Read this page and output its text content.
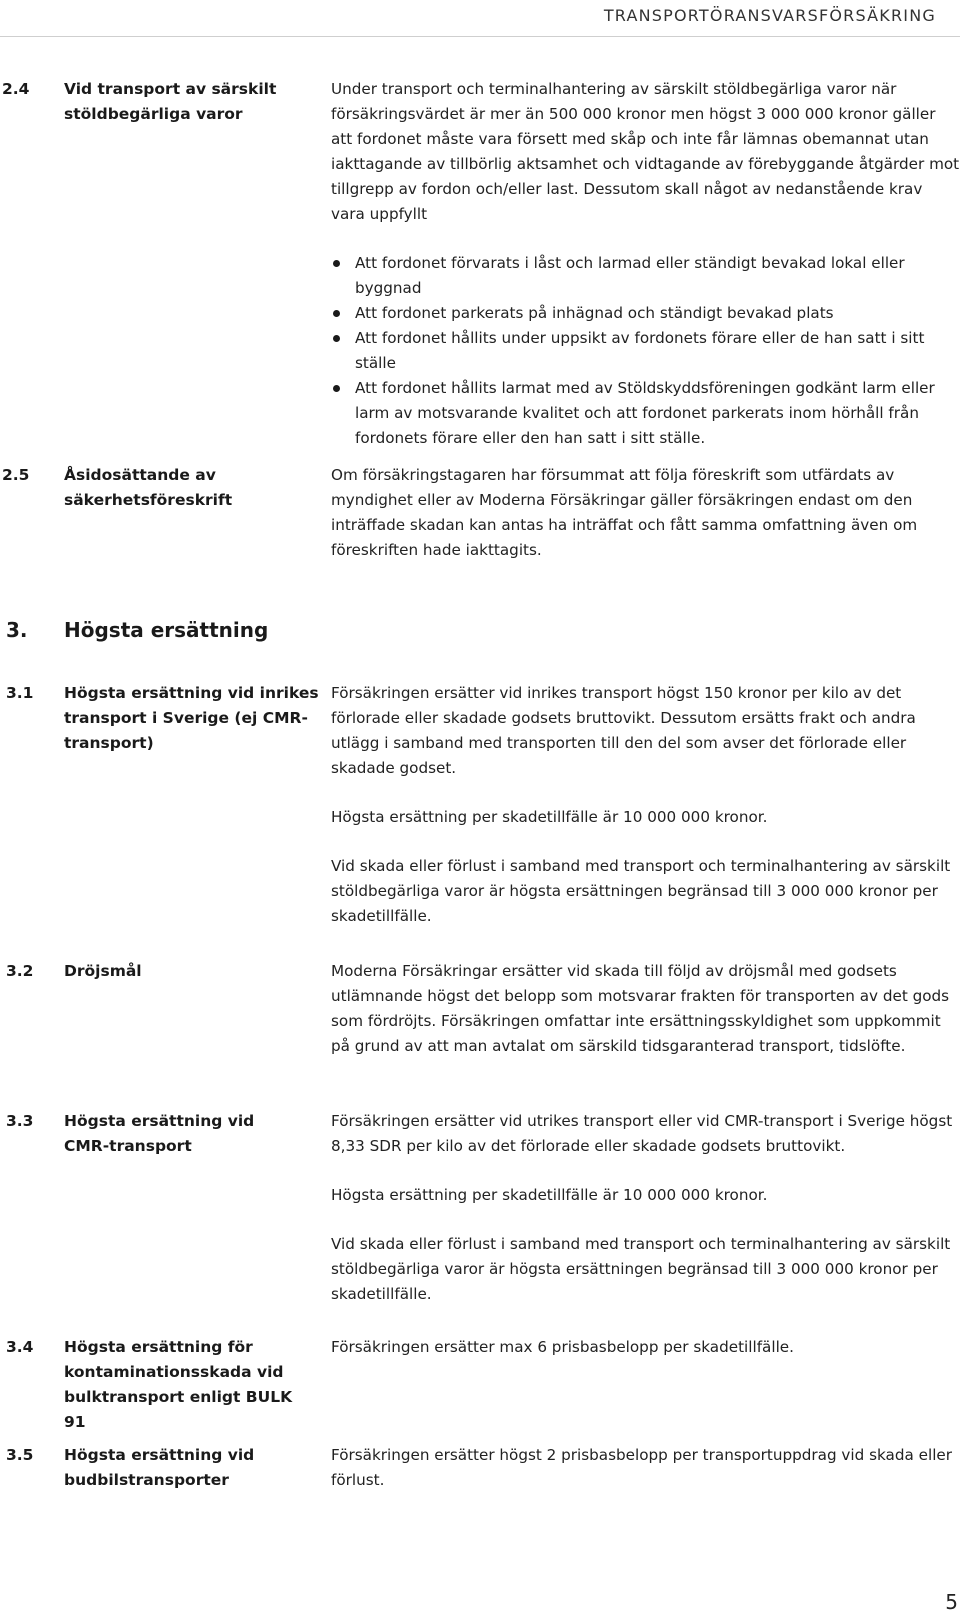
TRANSPORTÖRANSVARSFÖRSÄKRING
2.4 Vid transport av särskilt stöldbegärliga varor

Under transport och terminalhantering av särskilt stöldbegärliga varor när försäkringsvärdet är mer än 500 000 kronor men högst 3 000 000 kronor gäller att fordonet måste vara försett med skåp och inte får lämnas obemannat utan iakttagande av tillbörlig aktsamhet och vidtagande av förebyggande åtgärder mot tillgrepp av fordon och/eller last. Dessutom skall något av nedanstående krav vara uppfyllt

Att fordonet förvarats i låst och larmad eller ständigt bevakad lokal eller byggnad
Att fordonet parkerats på inhägnad och ständigt bevakad plats
Att fordonet hållits under uppsikt av fordonets förare eller de han satt i sitt ställe
Att fordonet hållits larmat med av Stöldskyddsföreningen godkänt larm eller larm av motsvarande kvalitet och att fordonet parkerats inom hörhåll från fordonets förare eller den han satt i sitt ställe.
2.5 Åsidosättande av säkerhetsföreskrift

Om försäkringstagaren har försummat att följa föreskrift som utfärdats av myndighet eller av Moderna Försäkringar gäller försäkringen endast om den inträffade skadan kan antas ha inträffat och fått samma omfattning även om föreskriften hade iakttagits.

3. Högsta ersättning
3.1 Högsta ersättning vid inrikes transport i Sverige (ej CMR-transport)

Försäkringen ersätter vid inrikes transport högst 150 kronor per kilo av det förlorade eller skadade godsets bruttovikt. Dessutom ersätts frakt och andra utlägg i samband med transporten till den del som avser det förlorade eller skadade godset.

Högsta ersättning per skadetillfälle är 10 000 000 kronor.

Vid skada eller förlust i samband med transport och terminalhantering av särskilt stöldbegärliga varor är högsta ersättningen begränsad till 3 000 000 kronor per skadetillfälle.

3.2 Dröjsmål	Moderna Försäkringar ersätter vid skada till följd av dröjsmål med godsets utlämnande högst det belopp som motsvarar frakten för transporten av det gods som fördröjts. Försäkringen omfattar inte ersättningsskyldighet som uppkommit på grund av att man avtalat om särskild tidsgaranterad transport, tidslöfte.

3.3 Högsta ersättning vid CMR-transport

Försäkringen ersätter vid utrikes transport eller vid CMR-transport i Sverige högst 8,33 SDR per kilo av det förlorade eller skadade godsets bruttovikt.

Högsta ersättning per skadetillfälle är 10 000 000 kronor.

Vid skada eller förlust i samband med transport och terminalhantering av särskilt stöldbegärliga varor är högsta ersättningen begränsad till 3 000 000 kronor per skadetillfälle.

3.4 Högsta ersättning för kontaminationsskada vid bulktransport enligt BULK 91

Försäkringen ersätter max 6 prisbasbelopp per skadetillfälle.

3.5 Högsta ersättning vid budbilstransporter

Försäkringen ersätter högst 2 prisbasbelopp per transportuppdrag vid skada eller förlust.

5
